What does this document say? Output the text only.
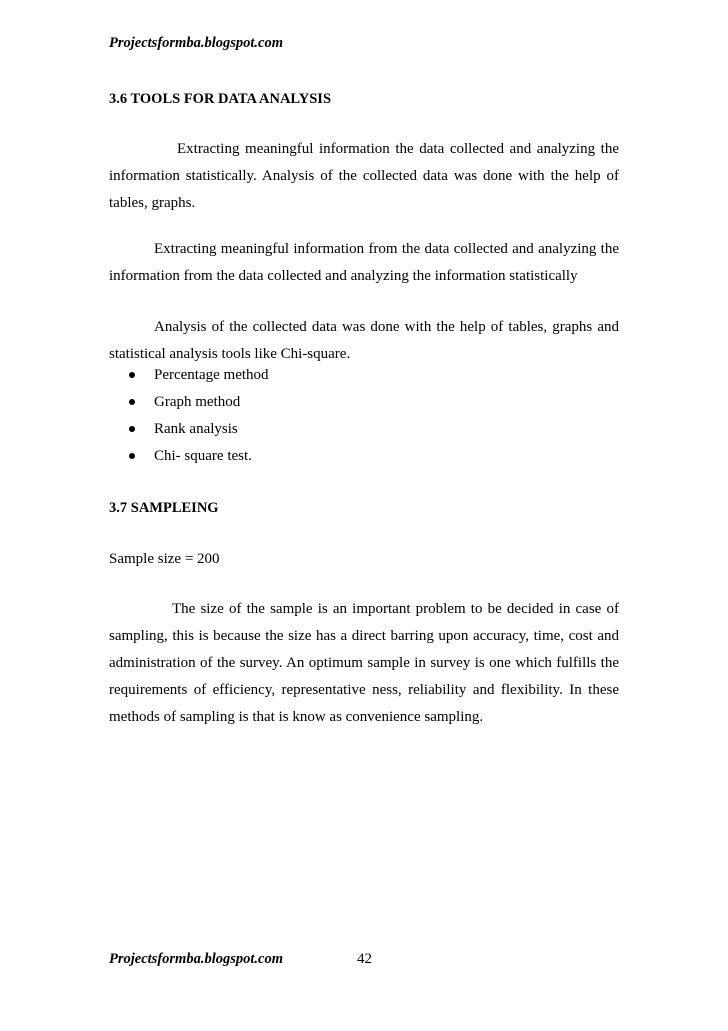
Projectsformba.blogspot.com
3.6 TOOLS FOR DATA ANALYSIS
Extracting meaningful information the data collected and analyzing the information statistically. Analysis of the collected data was done with the help of tables, graphs.
Extracting meaningful information from the data collected and analyzing the information from the data collected and analyzing the information statistically
Analysis of the collected data was done with the help of tables, graphs and statistical analysis tools like Chi-square.
Percentage method
Graph method
Rank analysis
Chi- square test.
3.7 SAMPLEING
Sample size = 200
The size of the sample is an important problem to be decided in case of sampling, this is because the size has a direct barring upon accuracy, time, cost and administration of the survey. An optimum sample in survey is one which fulfills the requirements of efficiency, representative ness, reliability and flexibility. In these methods of sampling is that is know as convenience sampling.
Projectsformba.blogspot.com	42
